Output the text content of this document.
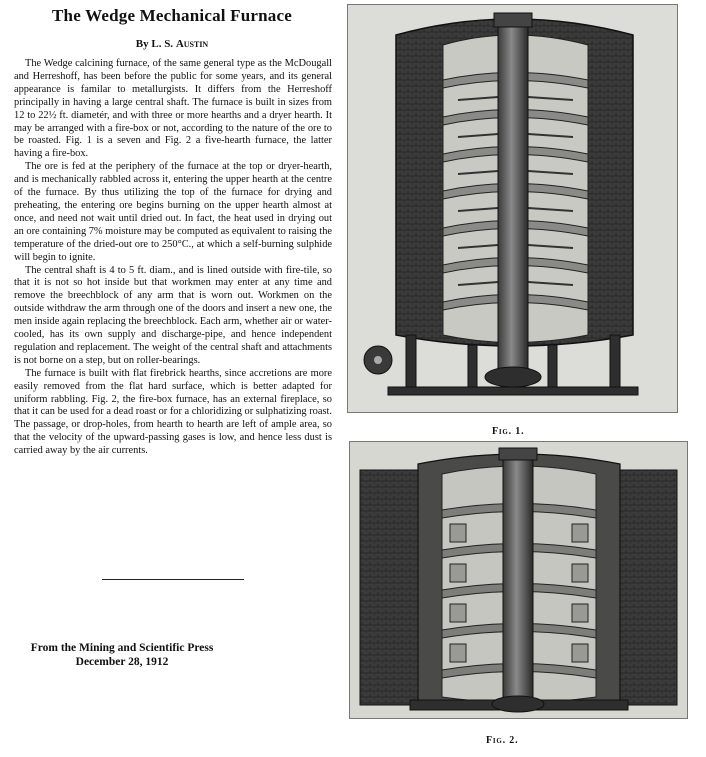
The Wedge Mechanical Furnace
By L. S. Austin

The Wedge calcining furnace, of the same general type as the McDougall and Herreshoff, has been before the public for some years, and its general appearance is familar to metallurgists. It differs from the Herreshoff principally in having a large central shaft. The furnace is built in sizes from 12 to 22½ ft. diametér, and with three or more hearths and a dryer hearth. It may be arranged with a fire-box or not, according to the nature of the ore to be roasted. Fig. 1 is a seven and Fig. 2 a five-hearth furnace, the latter having a fire-box.

The ore is fed at the periphery of the furnace at the top or dryer-hearth, and is mechanically rabbled across it, entering the upper hearth at the centre of the furnace. By thus utilizing the top of the furnace for drying and preheating, the entering ore begins burning on the upper hearth almost at once, and need not wait until dried out. In fact, the heat used in drying out an ore containing 7% moisture may be computed as equivalent to raising the temperature of the dried-out ore to 250°C., at which a self-burning sulphide will begin to ignite.

The central shaft is 4 to 5 ft. diam., and is lined outside with fire-tile, so that it is not so hot inside but that workmen may enter at any time and remove the breechblock of any arm that is worn out. Workmen on the outside withdraw the arm through one of the doors and insert a new one, the men inside again replacing the breechblock. Each arm, whether air or water-cooled, has its own supply and discharge-pipe, and hence independent regulation and replacement. The weight of the central shaft and attachments is not borne on a step, but on roller-bearings.

The furnace is built with flat firebrick hearths, since accretions are more easily removed from the flat hard surface, which is better adapted for uniform rabbling. Fig. 2, the fire-box furnace, has an external fireplace, so that it can be used for a dead roast or for a chloridizing or sulphatizing roast. The passage, or drop-holes, from hearth to hearth are left of ample area, so that the velocity of the upward-passing gases is low, and hence less dust is carried away by the air currents.

From the Mining and Scientific Press
December 28, 1912
Fig. 1.
Fig. 2.
